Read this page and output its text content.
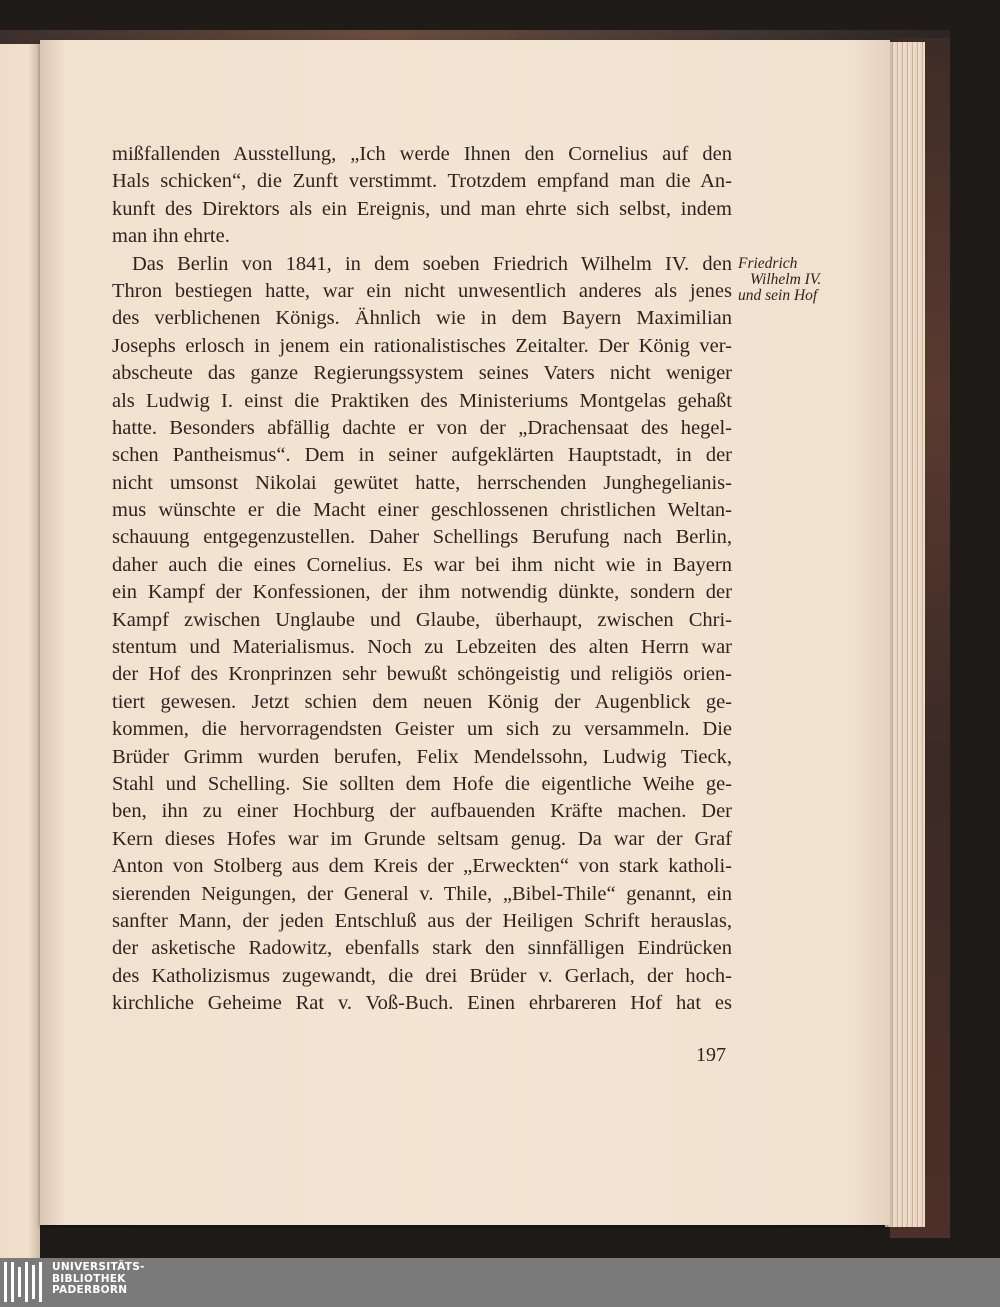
mißfallenden Ausstellung, „Ich werde Ihnen den Cornelius auf den
Hals schicken“, die Zunft verstimmt. Trotzdem empfand man die An-
kunft des Direktors als ein Ereignis, und man ehrte sich selbst, indem
man ihn ehrte.
Das Berlin von 1841, in dem soeben Friedrich Wilhelm IV. den
Thron bestiegen hatte, war ein nicht unwesentlich anderes als jenes
des verblichenen Königs. Ähnlich wie in dem Bayern Maximilian
Josephs erlosch in jenem ein rationalistisches Zeitalter. Der König ver-
abscheute das ganze Regierungssystem seines Vaters nicht weniger
als Ludwig I. einst die Praktiken des Ministeriums Montgelas gehaßt
hatte. Besonders abfällig dachte er von der „Drachensaat des hegel-
schen Pantheismus“. Dem in seiner aufgeklärten Hauptstadt, in der
nicht umsonst Nikolai gewütet hatte, herrschenden Junghegelianis-
mus wünschte er die Macht einer geschlossenen christlichen Weltan-
schauung entgegenzustellen. Daher Schellings Berufung nach Berlin,
daher auch die eines Cornelius. Es war bei ihm nicht wie in Bayern
ein Kampf der Konfessionen, der ihm notwendig dünkte, sondern der
Kampf zwischen Unglaube und Glaube, überhaupt, zwischen Chri-
stentum und Materialismus. Noch zu Lebzeiten des alten Herrn war
der Hof des Kronprinzen sehr bewußt schöngeistig und religiös orien-
tiert gewesen. Jetzt schien dem neuen König der Augenblick ge-
kommen, die hervorragendsten Geister um sich zu versammeln. Die
Brüder Grimm wurden berufen, Felix Mendelssohn, Ludwig Tieck,
Stahl und Schelling. Sie sollten dem Hofe die eigentliche Weihe ge-
ben, ihn zu einer Hochburg der aufbauenden Kräfte machen. Der
Kern dieses Hofes war im Grunde seltsam genug. Da war der Graf
Anton von Stolberg aus dem Kreis der „Erweckten“ von stark katholi-
sierenden Neigungen, der General v. Thile, „Bibel-Thile“ genannt, ein
sanfter Mann, der jeden Entschluß aus der Heiligen Schrift herauslas,
der asketische Radowitz, ebenfalls stark den sinnfälligen Eindrücken
des Katholizismus zugewandt, die drei Brüder v. Gerlach, der hoch-
kirchliche Geheime Rat v. Voß-Buch. Einen ehrbareren Hof hat es
Friedrich
Wilhelm IV.
und sein Hof
197
UNIVERSITÄTS-
BIBLIOTHEK
PADERBORN
